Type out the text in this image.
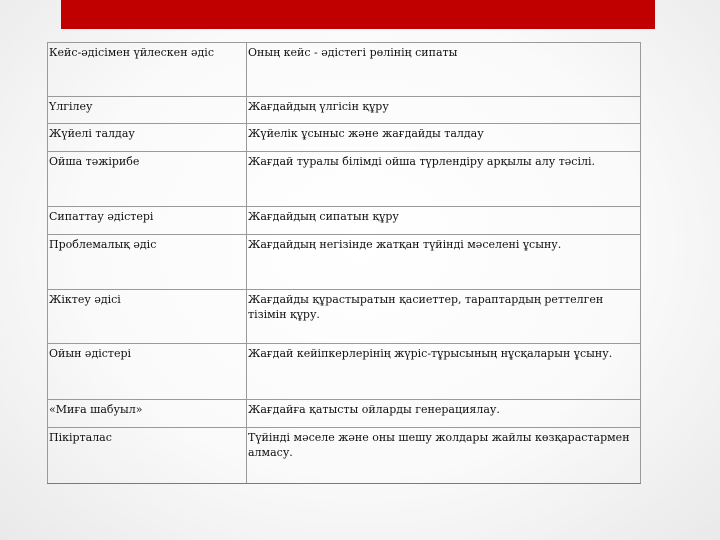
Кейс-әдісімен үйлескен әдіс	Оның кейс - әдістегі рөлінің сипаты
Үлгілеу	Жағдайдың үлгісін құру
Жүйелі талдау	Жүйелік ұсыныс және жағдайды талдау
Ойша тәжірибе	Жағдай туралы білімді ойша түрлендіру арқылы алу тәсілі.
Сипаттау әдістері	Жағдайдың сипатын құру
Проблемалық әдіс	Жағдайдың негізінде жатқан түйінді мәселені ұсыну.
Жіктеу әдісі	Жағдайды құрастыратын қасиеттер, тараптардың реттелген тізімін құру.
Ойын әдістері	Жағдай кейіпкерлерінің жүріс-тұрысының нұсқаларын ұсыну.
«Миға шабуыл»	Жағдайға қатысты ойларды генерациялау.
Пікірталас	Түйінді мәселе және оны шешу жолдары жайлы көзқарастармен алмасу.
